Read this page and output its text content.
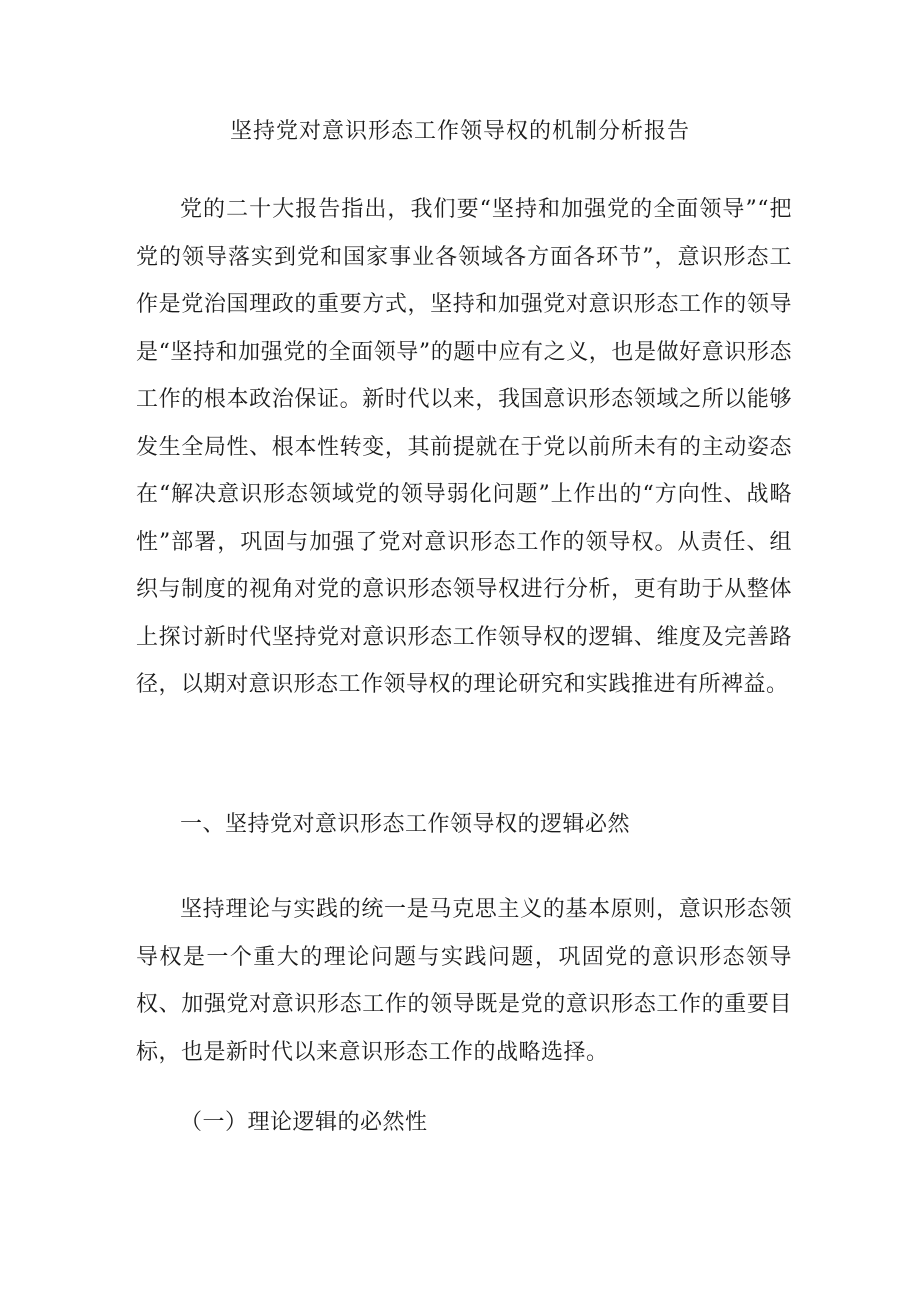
坚持党对意识形态工作领导权的机制分析报告

党的二十大报告指出，我们要“坚持和加强党的全面领导”“把党的领导落实到党和国家事业各领域各方面各环节”，意识形态工作是党治国理政的重要方式，坚持和加强党对意识形态工作的领导是“坚持和加强党的全面领导”的题中应有之义，也是做好意识形态工作的根本政治保证。新时代以来，我国意识形态领域之所以能够发生全局性、根本性转变，其前提就在于党以前所未有的主动姿态在“解决意识形态领域党的领导弱化问题”上作出的“方向性、战略性”部署，巩固与加强了党对意识形态工作的领导权。从责任、组织与制度的视角对党的意识形态领导权进行分析，更有助于从整体上探讨新时代坚持党对意识形态工作领导权的逻辑、维度及完善路径，以期对意识形态工作领导权的理论研究和实践推进有所裨益。

一、坚持党对意识形态工作领导权的逻辑必然

坚持理论与实践的统一是马克思主义的基本原则，意识形态领导权是一个重大的理论问题与实践问题，巩固党的意识形态领导权、加强党对意识形态工作的领导既是党的意识形态工作的重要目标，也是新时代以来意识形态工作的战略选择。

（一）理论逻辑的必然性
